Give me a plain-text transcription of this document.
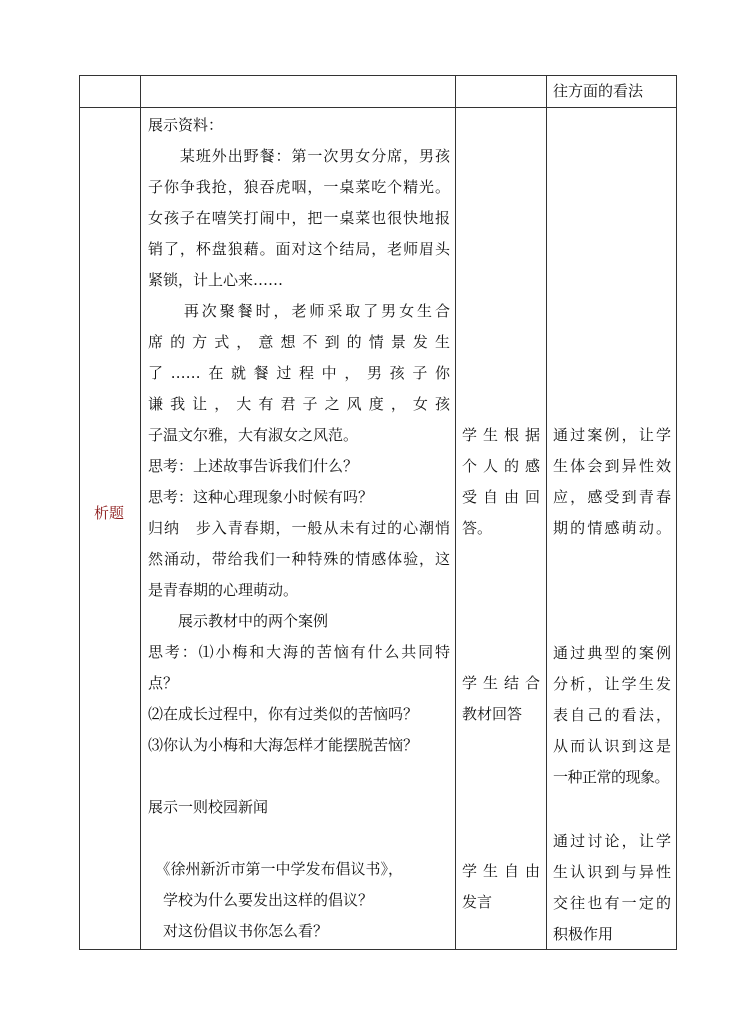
往方面的看法
析题
展示资料：
　　某班外出野餐：第一次男女分席，男孩
子你争我抢，狼吞虎咽，一桌菜吃个精光。
女孩子在嘻笑打闹中，把一桌菜也很快地报
销了，杯盘狼藉。面对这个结局，老师眉头
紧锁，计上心来……
　　再次聚餐时，老师采取了男女生合
席的方式，意想不到的情景发生
了……在就餐过程中，男孩子你
谦我让，大有君子之风度，女孩
子温文尔雅，大有淑女之风范。
思考：上述故事告诉我们什么？
思考：这种心理现象小时候有吗？
归纳　步入青春期，一般从未有过的心潮悄
然涌动，带给我们一种特殊的情感体验，这
是青春期的心理萌动。
　　展示教材中的两个案例
思考：⑴小梅和大海的苦恼有什么共同特
点？
⑵在成长过程中，你有过类似的苦恼吗？
⑶你认为小梅和大海怎样才能摆脱苦恼？
展示一则校园新闻
　《徐州新沂市第一中学发布倡议书》，
　学校为什么要发出这样的倡议？
　对这份倡议书你怎么看？
学生根据
个人的感
受自由回
答。
学生结合
教材回答
学生自由
发言
通过案例，让学
生体会到异性效
应，感受到青春
期的情感萌动。
通过典型的案例
分析，让学生发
表自己的看法，
从而认识到这是
一种正常的现象。
通过讨论，让学
生认识到与异性
交往也有一定的
积极作用
